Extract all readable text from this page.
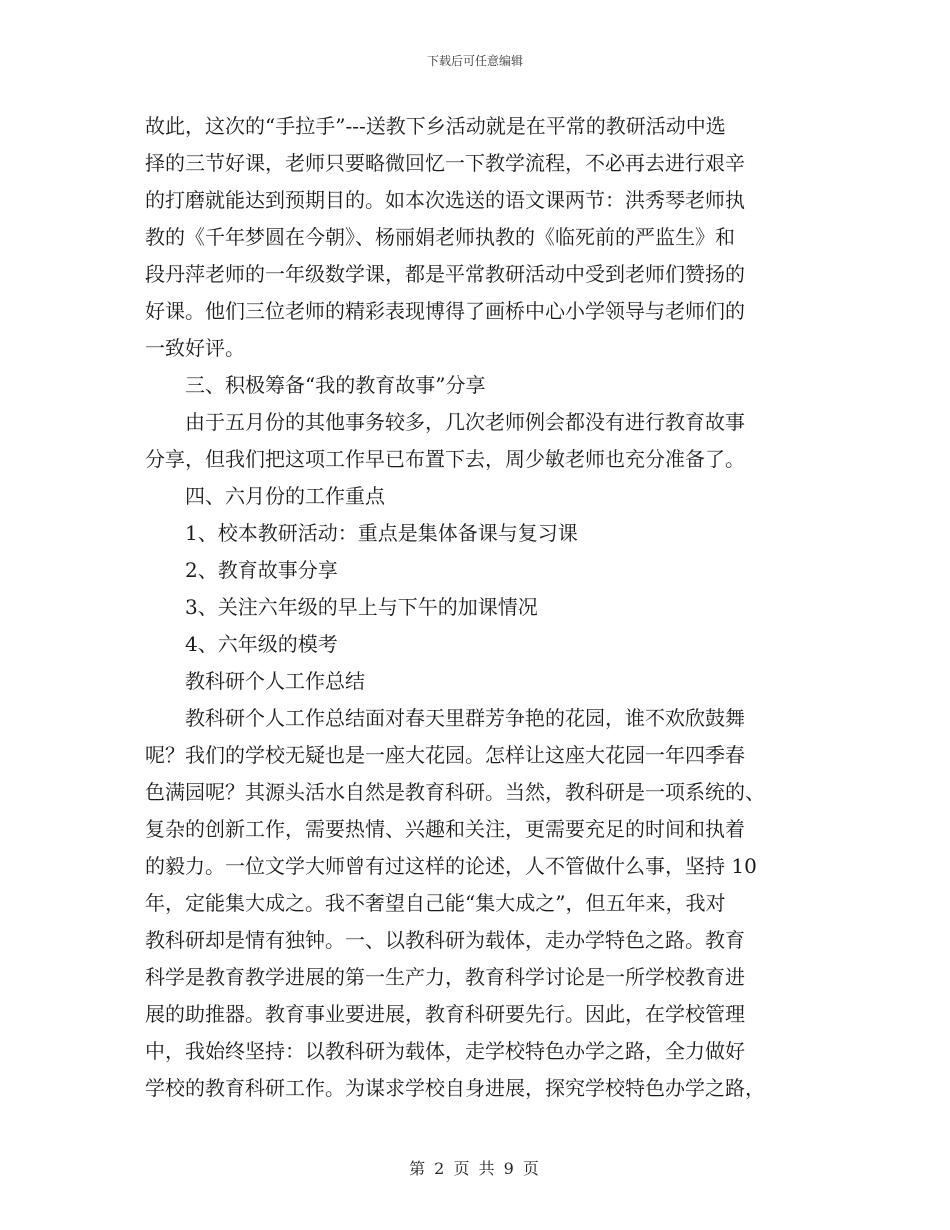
下载后可任意编辑
故此，这次的“手拉手”---送教下乡活动就是在平常的教研活动中选
择的三节好课，老师只要略微回忆一下教学流程，不必再去进行艰辛
的打磨就能达到预期目的。如本次选送的语文课两节：洪秀琴老师执
教的《千年梦圆在今朝》、杨丽娟老师执教的《临死前的严监生》和
段丹萍老师的一年级数学课，都是平常教研活动中受到老师们赞扬的
好课。他们三位老师的精彩表现博得了画桥中心小学领导与老师们的
一致好评。
三、积极筹备“我的教育故事”分享
由于五月份的其他事务较多，几次老师例会都没有进行教育故事
分享，但我们把这项工作早已布置下去，周少敏老师也充分准备了。
四、六月份的工作重点
1、校本教研活动：重点是集体备课与复习课
2、教育故事分享
3、关注六年级的早上与下午的加课情况
4、六年级的模考
教科研个人工作总结
教科研个人工作总结面对春天里群芳争艳的花园，谁不欢欣鼓舞
呢？我们的学校无疑也是一座大花园。怎样让这座大花园一年四季春
色满园呢？其源头活水自然是教育科研。当然，教科研是一项系统的、
复杂的创新工作，需要热情、兴趣和关注，更需要充足的时间和执着
的毅力。一位文学大师曾有过这样的论述，人不管做什么事，坚持 10
年，定能集大成之。我不奢望自己能“集大成之”，但五年来，我对
教科研却是情有独钟。一、以教科研为载体，走办学特色之路。教育
科学是教育教学进展的第一生产力，教育科学讨论是一所学校教育进
展的助推器。教育事业要进展，教育科研要先行。因此，在学校管理
中，我始终坚持：以教科研为载体，走学校特色办学之路，全力做好
学校的教育科研工作。为谋求学校自身进展，探究学校特色办学之路，
第 2 页 共 9 页
